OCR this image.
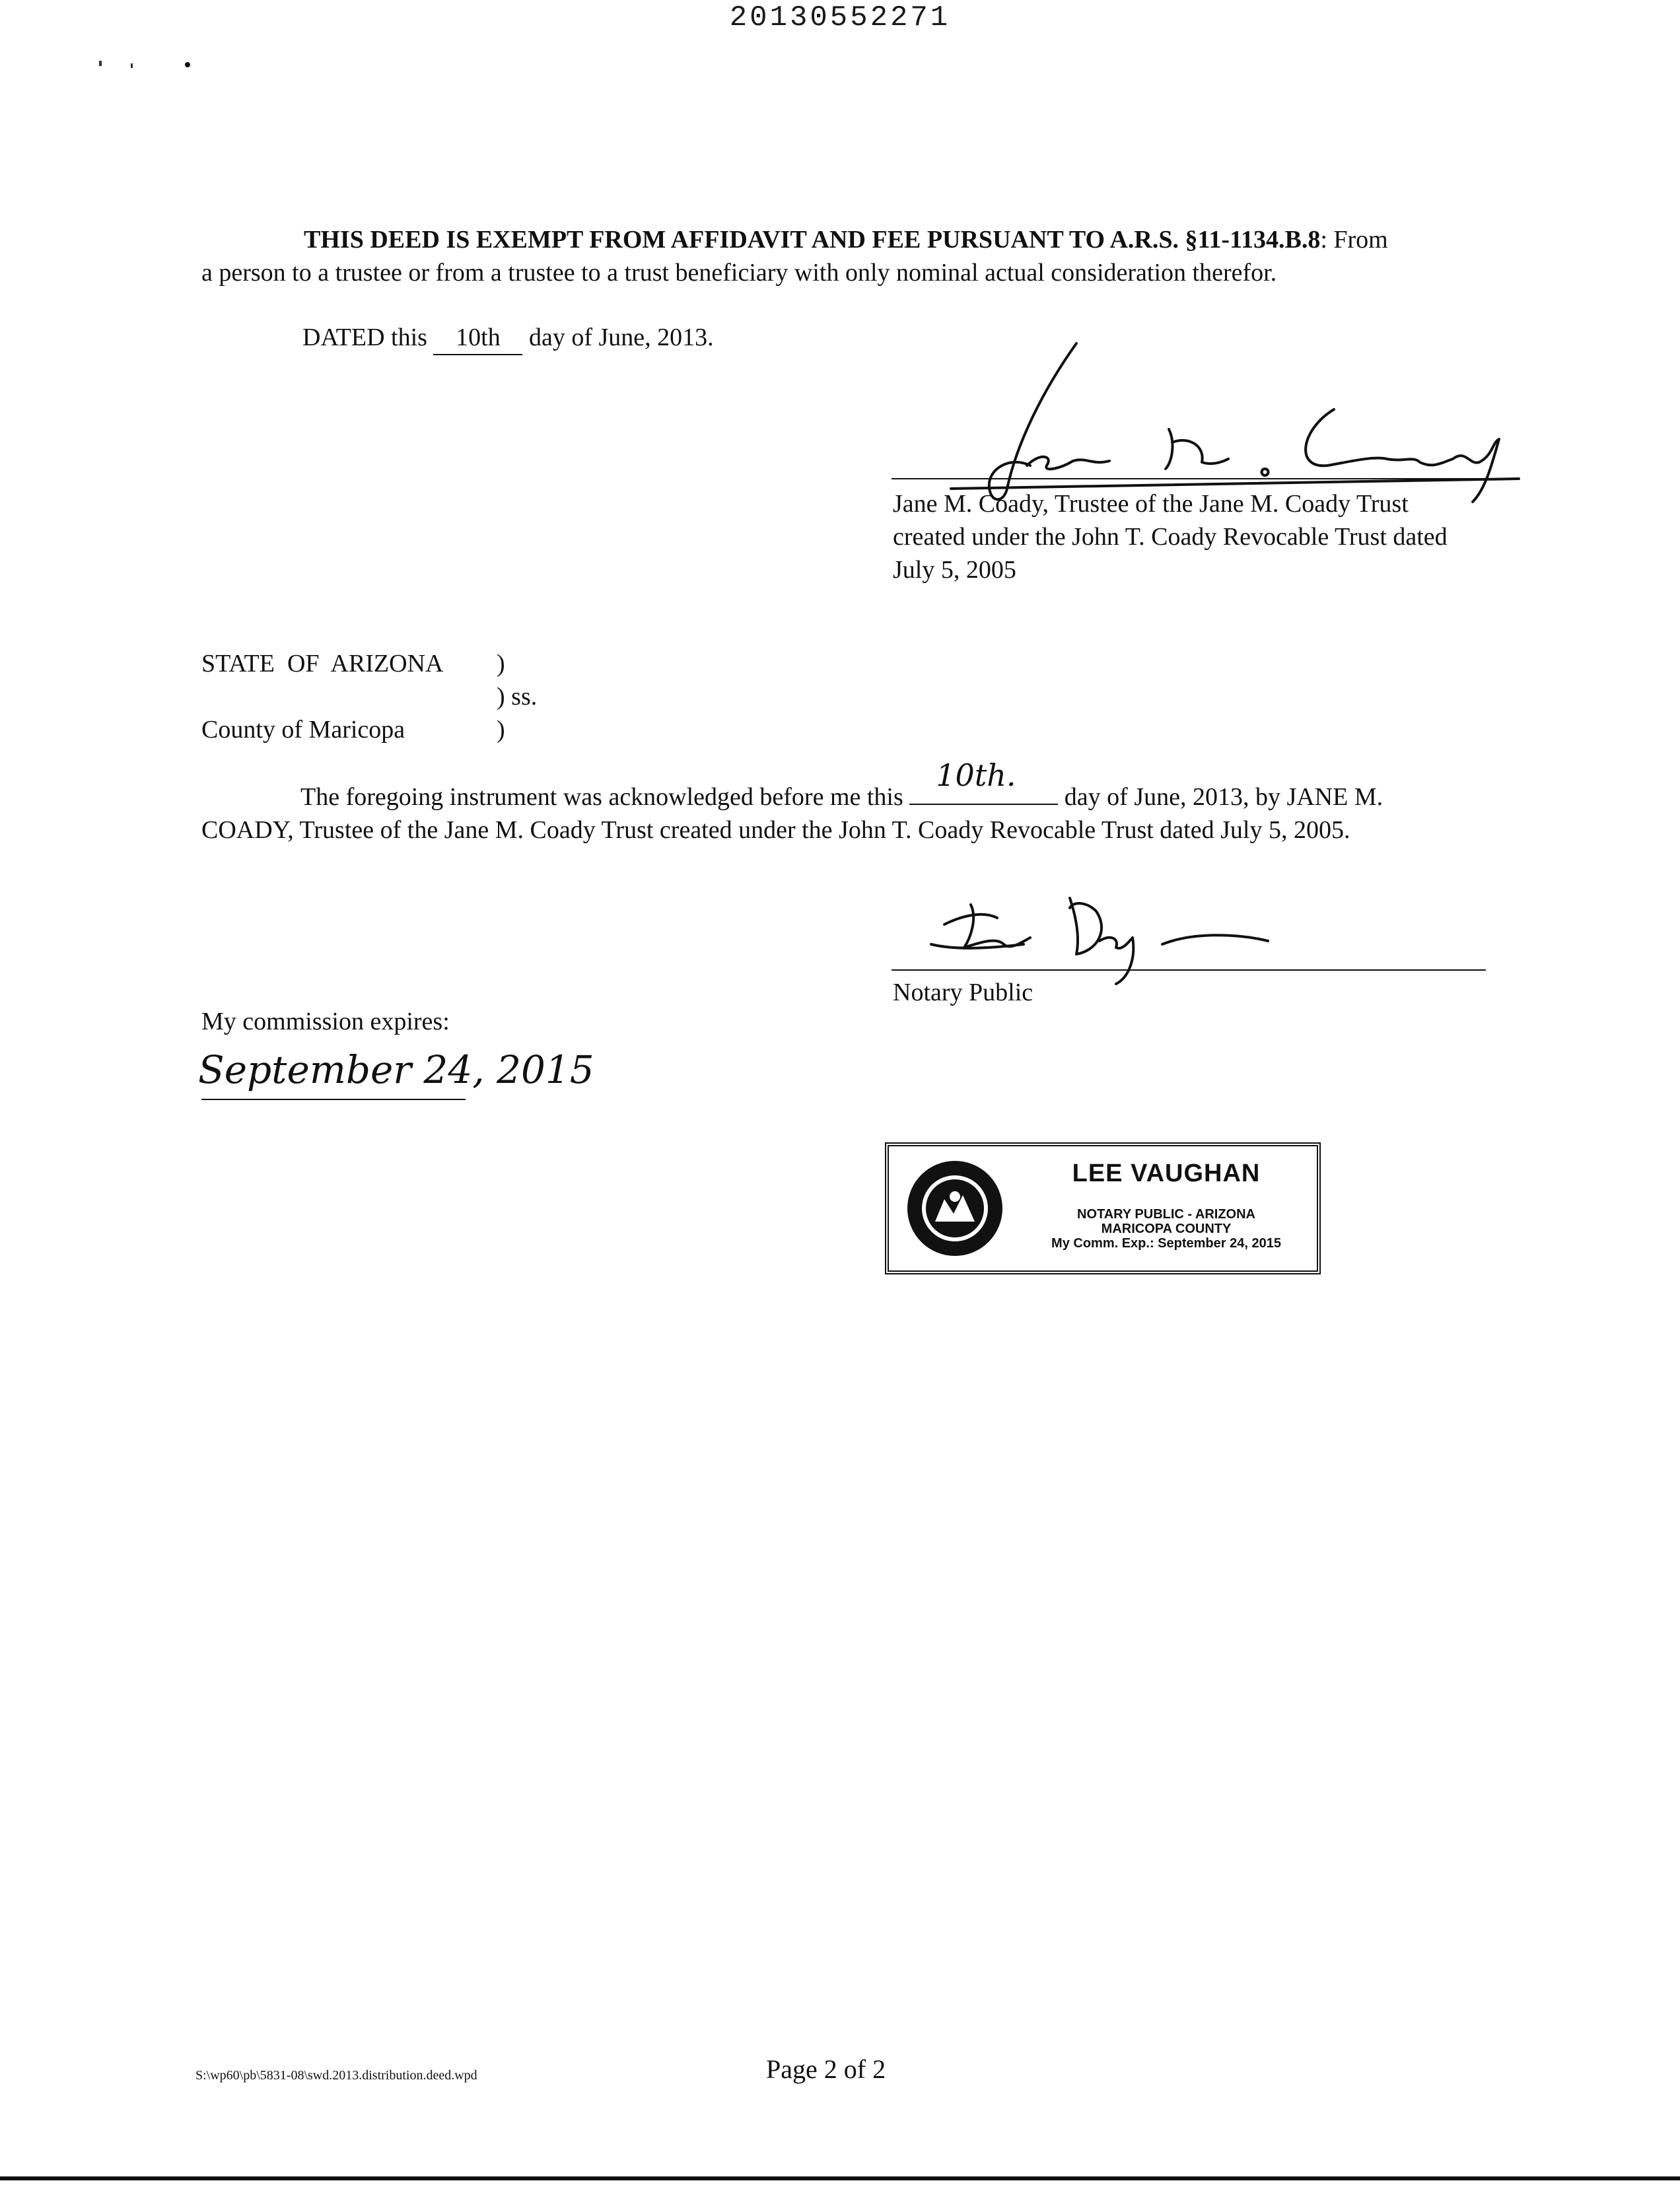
20130552271
THIS DEED IS EXEMPT FROM AFFIDAVIT AND FEE PURSUANT TO A.R.S. §11-1134.B.8: From
a person to a trustee or from a trustee to a trust beneficiary with only nominal actual consideration therefor.
DATED this 10th day of June, 2013.
Jane M. Coady, Trustee of the Jane M. Coady Trust
created under the John T. Coady Revocable Trust dated
July 5, 2005
STATE  OF  ARIZONA )
) ss.
County of Maricopa	)
The foregoing instrument was acknowledged before me this
10th.
day of June, 2013, by JANE M.
COADY, Trustee of the Jane M. Coady Trust created under the John T. Coady Revocable Trust dated July 5, 2005.
Notary Public
My commission expires:
September 24, 2015
LEE VAUGHAN
NOTARY PUBLIC - ARIZONA
MARICOPA COUNTY
My Comm. Exp.: September 24, 2015
S:\wp60\pb\5831-08\swd.2013.distribution.deed.wpd	Page 2 of 2
